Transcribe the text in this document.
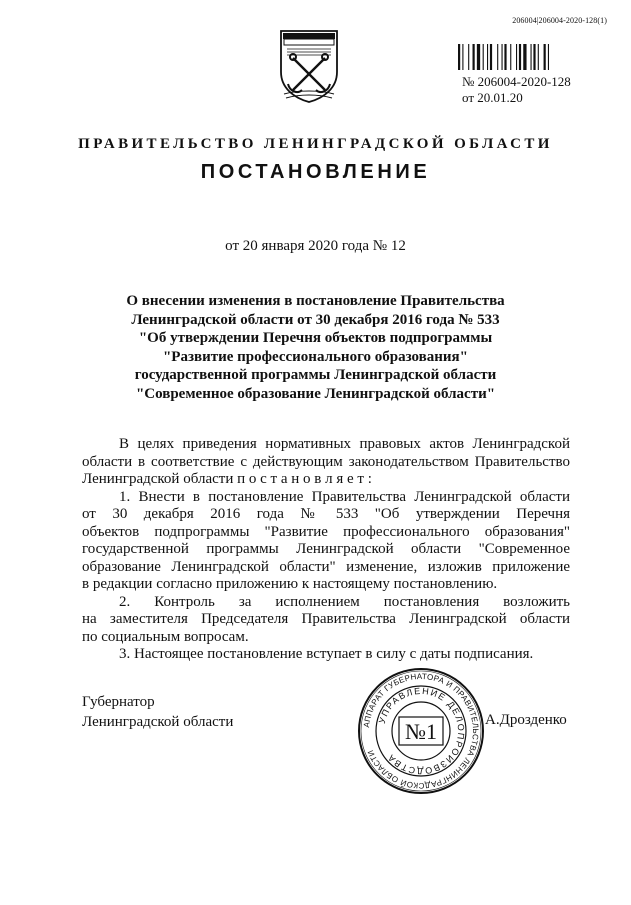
206004|206004-2020-128(1)
№ 206004-2020-128
от 20.01.20
ПРАВИТЕЛЬСТВО ЛЕНИНГРАДСКОЙ ОБЛАСТИ
ПОСТАНОВЛЕНИЕ
от 20 января 2020 года № 12
О внесении изменения в постановление Правительства
Ленинградской области от 30 декабря 2016 года № 533
"Об утверждении Перечня объектов подпрограммы
"Развитие профессионального образования"
государственной программы Ленинградской области
"Современное образование Ленинградской области"
В целях приведения нормативных правовых актов Ленинградской
области в соответствие с действующим законодательством Правительство
Ленинградской области п о с т а н о в л я е т :
1. Внести в постановление Правительства Ленинградской области
от 30 декабря 2016 года № 533 "Об утверждении Перечня
объектов подпрограммы "Развитие профессионального образования"
государственной программы Ленинградской области "Современное
образование Ленинградской области" изменение, изложив приложение
в редакции согласно приложению к настоящему постановлению.
2. Контроль за исполнением постановления возложить
на заместителя Председателя Правительства Ленинградской области
по социальным вопросам.
3. Настоящее постановление вступает в силу с даты подписания.
Губернатор
Ленинградской области	А.Дрозденко
АППАРАТ ГУБЕРНАТОРА И ПРАВИТЕЛЬСТВА ЛЕНИНГРАДСКОЙ ОБЛАСТИ
УПРАВЛЕНИЕ ДЕЛОПРОИЗВОДСТВА
№1
